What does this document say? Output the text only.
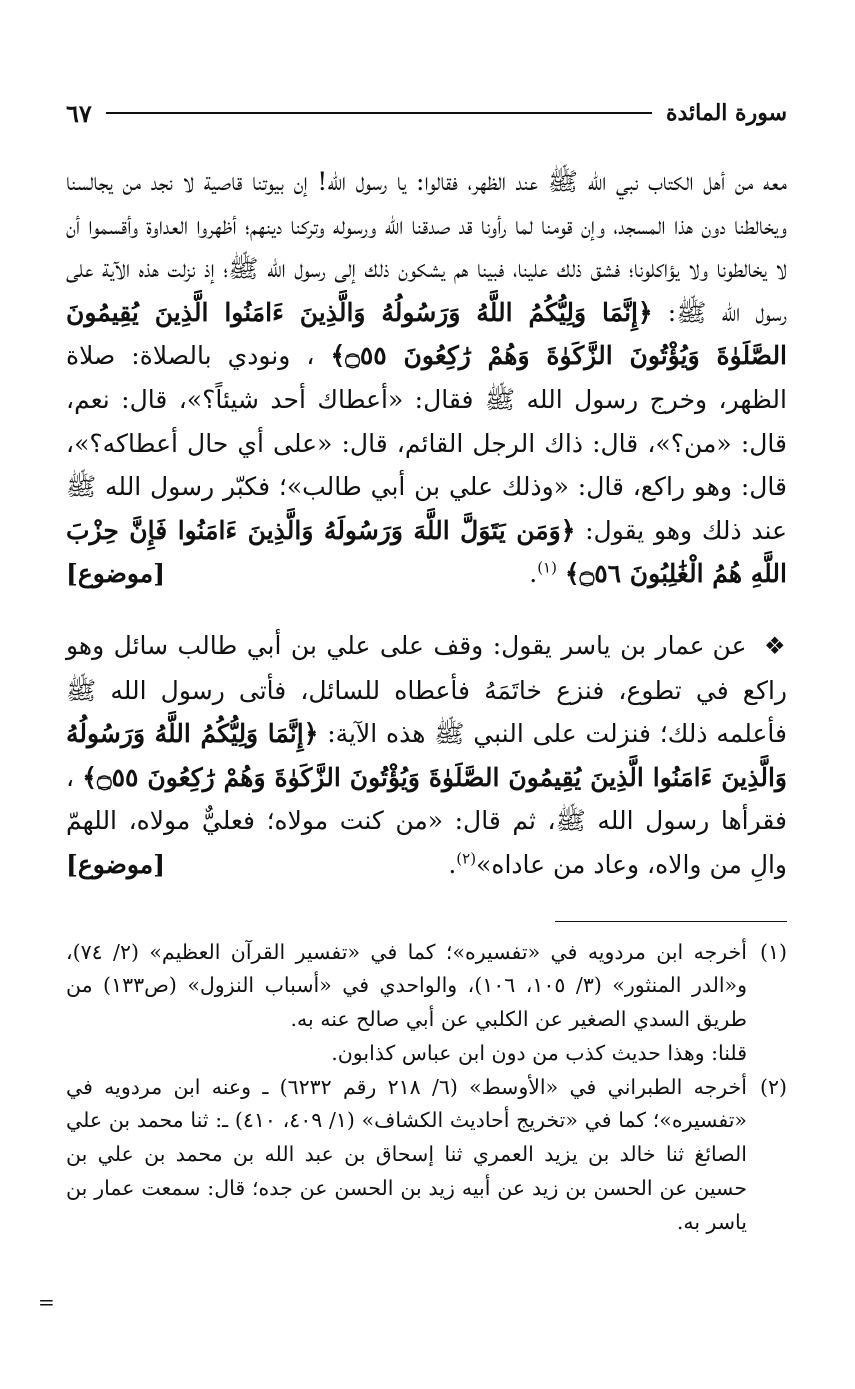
سورة المائدة
٦٧

معه من أهل الكتاب نبي الله ﷺ عند الظهر، فقالوا: يا رسول الله! إن بيوتنا قاصية لا نجد من يجالسنا ويخالطنا دون هذا المسجد، وإن قومنا لما رأونا قد صدقنا الله ورسوله وتركنا دينهم؛ أظهروا العداوة وأقسموا أن لا يخالطونا ولا يؤاكلونا؛ فشق ذلك علينا، فبينا هم يشكون ذلك إلى رسول الله ﷺ؛ إذ نزلت هذه الآية على رسول الله ﷺ: ﴿إِنَّمَا وَلِيُّكُمُ اللَّهُ وَرَسُولُهُ وَالَّذِينَ ءَامَنُوا الَّذِينَ يُقِيمُونَ الصَّلَوٰةَ وَيُؤْتُونَ الزَّكَوٰةَ وَهُمْ رَٰكِعُونَ ۝٥٥﴾ ، ونودي بالصلاة: صلاة الظهر، وخرج رسول الله ﷺ فقال: «أعطاك أحد شيئاً؟»، قال: نعم، قال: «من؟»، قال: ذاك الرجل القائم، قال: «على أي حال أعطاكه؟»، قال: وهو راكع، قال: «وذلك علي بن أبي طالب»؛ فكبّر رسول الله ﷺ عند ذلك وهو يقول: ﴿وَمَن يَتَوَلَّ اللَّهَ وَرَسُولَهُ وَالَّذِينَ ءَامَنُوا فَإِنَّ حِزْبَ اللَّهِ هُمُ الْغَٰلِبُونَ ۝٥٦﴾ $^{(١)}$.
[موضوع]

❖ عن عمار بن ياسر يقول: وقف على علي بن أبي طالب سائل وهو راكع في تطوع، فنزع خاتَمَهُ فأعطاه للسائل، فأتى رسول الله ﷺ فأعلمه ذلك؛ فنزلت على النبي ﷺ هذه الآية: ﴿إِنَّمَا وَلِيُّكُمُ اللَّهُ وَرَسُولُهُ وَالَّذِينَ ءَامَنُوا الَّذِينَ يُقِيمُونَ الصَّلَوٰةَ وَيُؤْتُونَ الزَّكَوٰةَ وَهُمْ رَٰكِعُونَ ۝٥٥﴾ ، فقرأها رسول الله ﷺ، ثم قال: «من كنت مولاه؛ فعليٌّ مولاه، اللهمّ والِ من والاه، وعاد من عاداه»$^{(٢)}$.
[موضوع]

(١)
أخرجه ابن مردويه في «تفسيره»؛ كما في «تفسير القرآن العظيم» (٢/ ٧٤)، و«الدر المنثور» (٣/ ١٠٥، ١٠٦)، والواحدي في «أسباب النزول» (ص١٣٣) من طريق السدي الصغير عن الكلبي عن أبي صالح عنه به.
قلنا: وهذا حديث كذب من دون ابن عباس كذابون.
(٢)
أخرجه الطبراني في «الأوسط» (٦/ ٢١٨ رقم ٦٢٣٢) ـ وعنه ابن مردويه في «تفسيره»؛ كما في «تخريج أحاديث الكشاف» (١/ ٤٠٩، ٤١٠) ـ: ثنا محمد بن علي الصائغ ثنا خالد بن يزيد العمري ثنا إسحاق بن عبد الله بن محمد بن علي بن حسين عن الحسن بن زيد عن أبيه زيد بن الحسن عن جده؛ قال: سمعت عمار بن ياسر به.
=
